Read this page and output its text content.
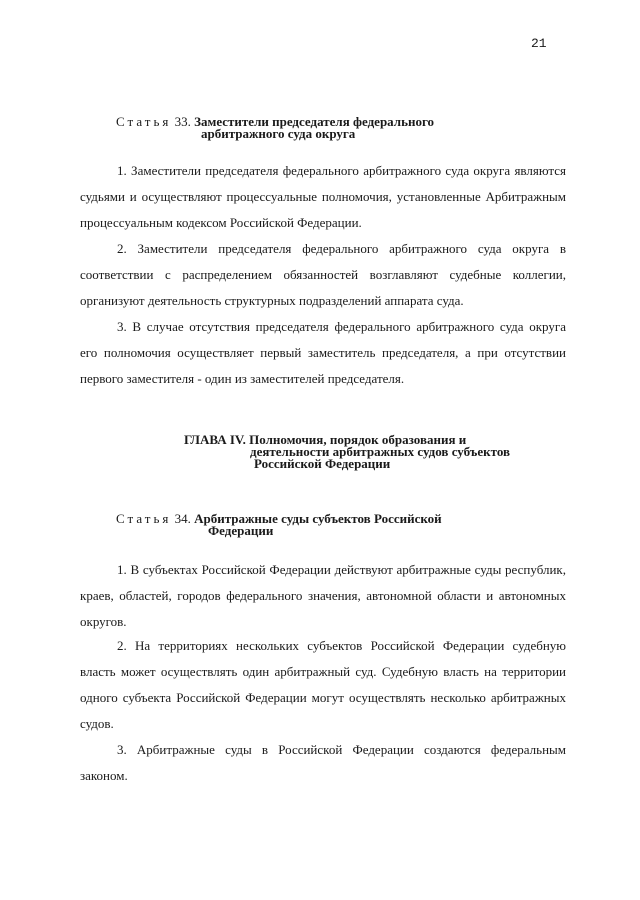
21
Статья 33. Заместители председателя федерального
арбитражного суда округа

1. Заместители председателя федерального арбитражного суда округа являются судьями и осуществляют процессуальные полномочия, установленные Арбитражным процессуальным кодексом Российской Федерации.

2. Заместители председателя федерального арбитражного суда округа в соответствии с распределением обязанностей возглавляют судебные коллегии, организуют деятельность структурных подразделений аппарата суда.

3. В случае отсутствия председателя федерального арбитражного суда округа его полномочия осуществляет первый заместитель председателя, а при отсутствии первого заместителя - один из заместителей председателя.

ГЛАВА IV. Полномочия, порядок образования и
деятельности арбитражных судов субъектов
Российской Федерации
Статья 34. Арбитражные суды субъектов Российской
Федерации

1. В субъектах Российской Федерации действуют арбитражные суды республик, краев, областей, городов федерального значения, автономной области и автономных округов.

2. На территориях нескольких субъектов Российской Федерации судебную власть может осуществлять один арбитражный суд. Судебную власть на территории одного субъекта Российской Федерации могут осуществлять несколько арбитражных судов.

3. Арбитражные суды в Российской Федерации создаются федеральным законом.
